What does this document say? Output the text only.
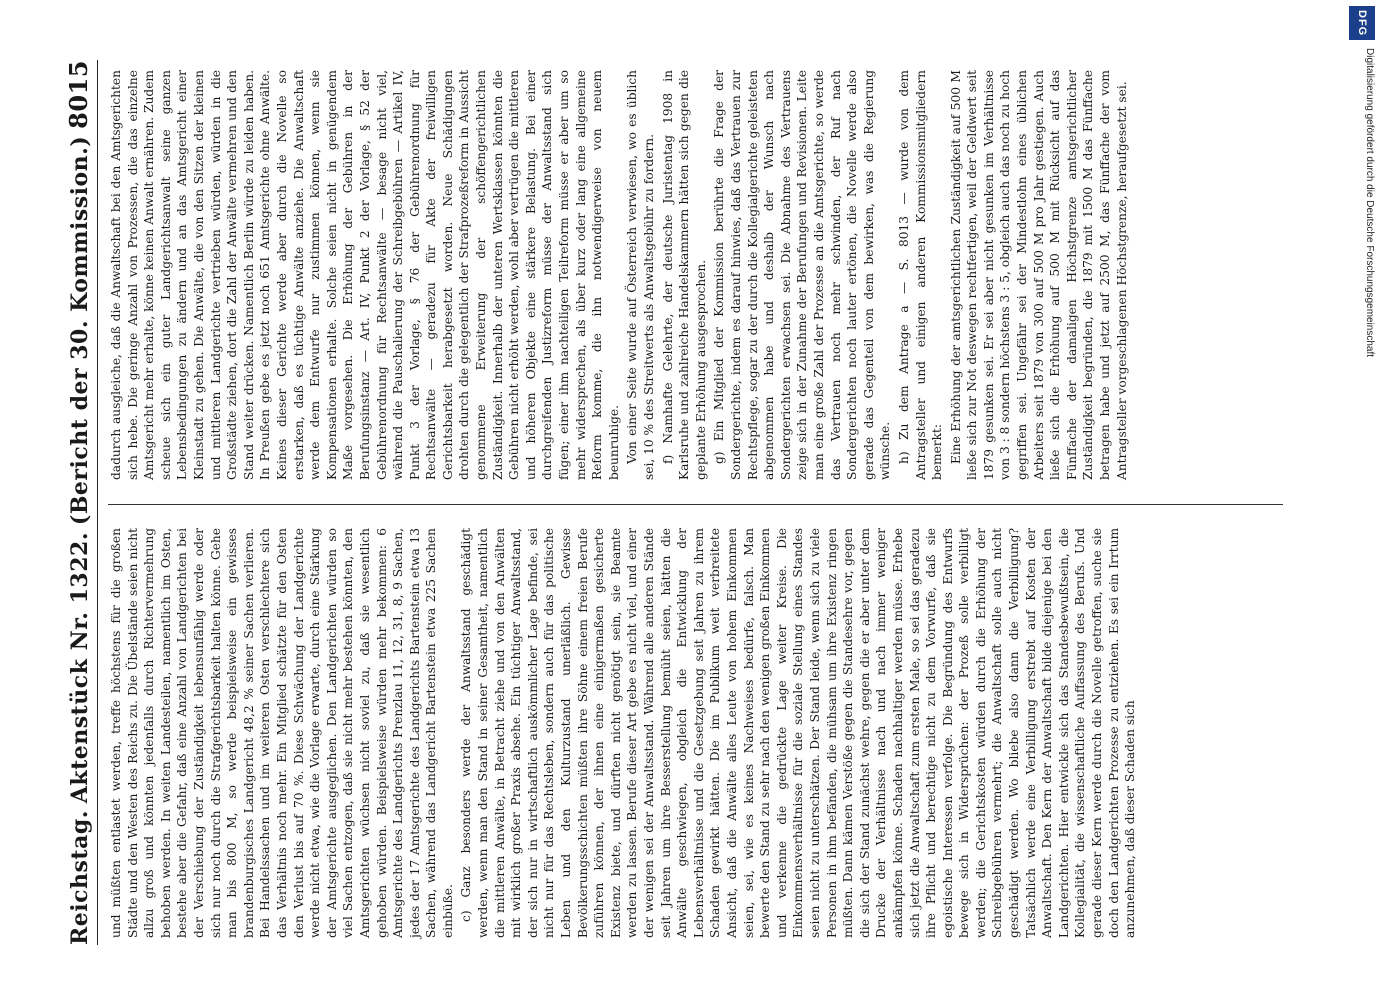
Reichstag.
Aktenstück Nr. 1322.
(Bericht der 30. Kommission.)
8015

und müßten entlastet werden, treffe höchstens für die großen Städte und den Westen des Reichs zu. Die Übelstände seien nicht allzu groß und könnten jedenfalls durch Richtervermehrung behoben werden. In weiten Landesteilen, namentlich im Osten, bestehe aber die Gefahr, daß eine Anzahl von Landgerichten bei der Verschiebung der Zuständigkeit lebensunfähig werde oder sich nur noch durch die Strafgerichtsbarkeit halten könne. Gehe man bis 800 M, so werde beispielsweise ein gewisses brandenburgisches Landgericht 48,2 % seiner Sachen verlieren. Bei Handelssachen und im weiteren Osten verschlechtere sich das Verhältnis noch mehr. Ein Mitglied schätzte für den Osten den Verlust bis auf 70 %. Diese Schwächung der Landgerichte werde nicht etwa, wie die Vorlage erwarte, durch eine Stärkung der Amtsgerichte ausgeglichen. Den Landgerichten würden so viel Sachen entzogen, daß sie nicht mehr bestehen könnten, den Amtsgerichten wüchsen nicht soviel zu, daß sie wesentlich gehoben würden. Beispielsweise würden mehr bekommen: 6 Amtsgerichte des Landgerichts Prenzlau 11, 12, 31, 8, 9 Sachen, jedes der 17 Amtsgerichte des Landgerichts Bartenstein etwa 13 Sachen, während das Landgericht Bartenstein etwa 225 Sachen einbüße. c) Ganz besonders werde der Anwaltsstand geschädigt werden, wenn man den Stand in seiner Gesamtheit, namentlich die mittleren Anwälte, in Betracht ziehe und von den Anwälten mit wirklich großer Praxis absehe. Ein tüchtiger Anwaltsstand, der sich nur in wirtschaftlich auskömmlicher Lage befinde, sei nicht nur für das Rechtsleben, sondern auch für das politische Leben und den Kulturzustand unerläßlich. Gewisse Bevölkerungsschichten müßten ihre Söhne einem freien Berufe zuführen können, der ihnen eine einigermaßen gesicherte Existenz biete, und dürften nicht genötigt sein, sie Beamte werden zu lassen. Berufe dieser Art gebe es nicht viel, und einer der wenigen sei der Anwaltsstand. Während alle anderen Stände seit Jahren um ihre Besserstellung bemüht seien, hätten die Anwälte geschwiegen, obgleich die Entwicklung der Lebensverhältnisse und die Gesetzgebung seit Jahren zu ihrem Schaden gewirkt hätten. Die im Publikum weit verbreitete Ansicht, daß die Anwälte alles Leute von hohem Einkommen seien, sei, wie es keines Nachweises bedürfe, falsch. Man bewerte den Stand zu sehr nach den wenigen großen Einkommen und verkenne die gedrückte Lage weiter Kreise. Die Einkommensverhältnisse für die soziale Stellung eines Standes seien nicht zu unterschätzen. Der Stand leide, wenn sich zu viele Personen in ihm befänden, die mühsam um ihre Existenz ringen müßten. Dann kämen Verstöße gegen die Standesehre vor, gegen die sich der Stand zunächst wehre, gegen die er aber unter dem Drucke der Verhältnisse nach und nach immer weniger ankämpfen könne. Schaden nachhaltiger werden müsse. Erhebe sich jetzt die Anwaltschaft zum ersten Male, so sei das geradezu ihre Pflicht und berechtige nicht zu dem Vorwurfe, daß sie egoistische Interessen verfolge. Die Begründung des Entwurfs bewege sich in Widersprüchen: der Prozeß solle verbilligt werden; die Gerichtskosten würden durch die Erhöhung der Schreibgebühren vermehrt; die Anwaltschaft solle auch nicht geschädigt werden. Wo bliebe also dann die Verbilligung? Tatsächlich werde eine Verbilligung erstrebt auf Kosten der Anwaltschaft. Den Kern der Anwaltschaft bilde diejenige bei den Landgerichten. Hier entwickle sich das Standesbewußtsein, die Kollegialität, die wissenschaftliche Auffassung des Berufs. Und gerade dieser Kern werde durch die Novelle getroffen, suche sie doch den Landgerichten Prozesse zu entziehen. Es sei ein Irrtum anzunehmen, daß dieser Schaden sich

dadurch ausgleiche, daß die Anwaltschaft bei den Amtsgerichten sich hebe. Die geringe Anzahl von Prozessen, die das einzelne Amtsgericht mehr erhalte, könne keinen Anwalt ernähren. Zudem scheue sich ein guter Landgerichtsanwalt seine ganzen Lebensbedingungen zu ändern und an das Amtsgericht einer Kleinstadt zu gehen. Die Anwälte, die von den Sitzen der kleinen und mittleren Landgerichte vertrieben würden, würden in die Großstädte ziehen, dort die Zahl der Anwälte vermehren und den Stand weiter drücken. Namentlich Berlin würde zu leiden haben. In Preußen gebe es jetzt noch 651 Amtsgerichte ohne Anwälte. Keines dieser Gerichte werde aber durch die Novelle so erstarken, daß es tüchtige Anwälte anziehe. Die Anwaltschaft werde dem Entwurfe nur zustimmen können, wenn sie Kompensationen erhalte. Solche seien nicht in genügendem Maße vorgesehen. Die Erhöhung der Gebühren in der Berufungsinstanz — Art. IV, Punkt 2 der Vorlage, § 52 der Gebührenordnung für Rechtsanwälte — besage nicht viel, während die Pauschalierung der Schreibgebühren — Artikel IV, Punkt 3 der Vorlage, § 76 der Gebührenordnung für Rechtsanwälte — geradezu für Akte der freiwilligen Gerichtsbarkeit herabgesetzt worden. Neue Schädigungen drohten durch die gelegentlich der Strafprozeßreform in Aussicht genommene Erweiterung der schöffengerichtlichen Zuständigkeit. Innerhalb der unteren Wertsklassen könnten die Gebühren nicht erhöht werden, wohl aber vertrügen die mittleren und höheren Objekte eine stärkere Belastung. Bei einer durchgreifenden Justizreform müsse der Anwaltsstand sich fügen; einer ihm nachteiligen Teilreform müsse er aber um so mehr widersprechen, als über kurz oder lang eine allgemeine Reform komme, die ihn notwendigerweise von neuem beunruhige. Von einer Seite wurde auf Österreich verwiesen, wo es üblich sei, 10 % des Streitwerts als Anwaltsgebühr zu fordern. f) Namhafte Gelehrte, der deutsche Juristentag 1908 in Karlsruhe und zahlreiche Handelskammern hätten sich gegen die geplante Erhöhung ausgesprochen. g) Ein Mitglied der Kommission berührte die Frage der Sondergerichte, indem es darauf hinwies, daß das Vertrauen zur Rechtspflege, sogar zu der durch die Kollegialgerichte geleisteten abgenommen habe und deshalb der Wunsch nach Sondergerichten erwachsen sei. Die Abnahme des Vertrauens zeige sich in der Zunahme der Berufungen und Revisionen. Leite man eine große Zahl der Prozesse an die Amtsgerichte, so werde das Vertrauen noch mehr schwinden, der Ruf nach Sondergerichten noch lauter ertönen, die Novelle werde also gerade das Gegenteil von dem bewirken, was die Regierung wünsche. h) Zu dem Antrage a — S. 8013 — wurde von dem Antragsteller und einigen anderen Kommissionsmitgliedern bemerkt: Eine Erhöhung der amtsgerichtlichen Zuständigkeit auf 500 M ließe sich zur Not deswegen rechtfertigen, weil der Geldwert seit 1879 gesunken sei. Er sei aber nicht gesunken im Verhältnisse von 3 : 8 sondern höchstens 3 : 5, obgleich auch das noch zu hoch gegriffen sei. Ungefähr sei der Mindestlohn eines üblichen Arbeiters seit 1879 von 300 auf 500 M pro Jahr gestiegen. Auch ließe sich die Erhöhung auf 500 M mit Rücksicht auf das Fünffache der damaligen Höchstgrenze amtsgerichtlicher Zuständigkeit begründen, die 1879 mit 1500 M das Fünffache betragen habe und jetzt auf 2500 M, das Fünffache der vom Antragsteller vorgeschlagenen Höchstgrenze, heraufgesetzt sei.

DFG
Digitalisierung gefördert durch die Deutsche Forschungsgemeinschaft
